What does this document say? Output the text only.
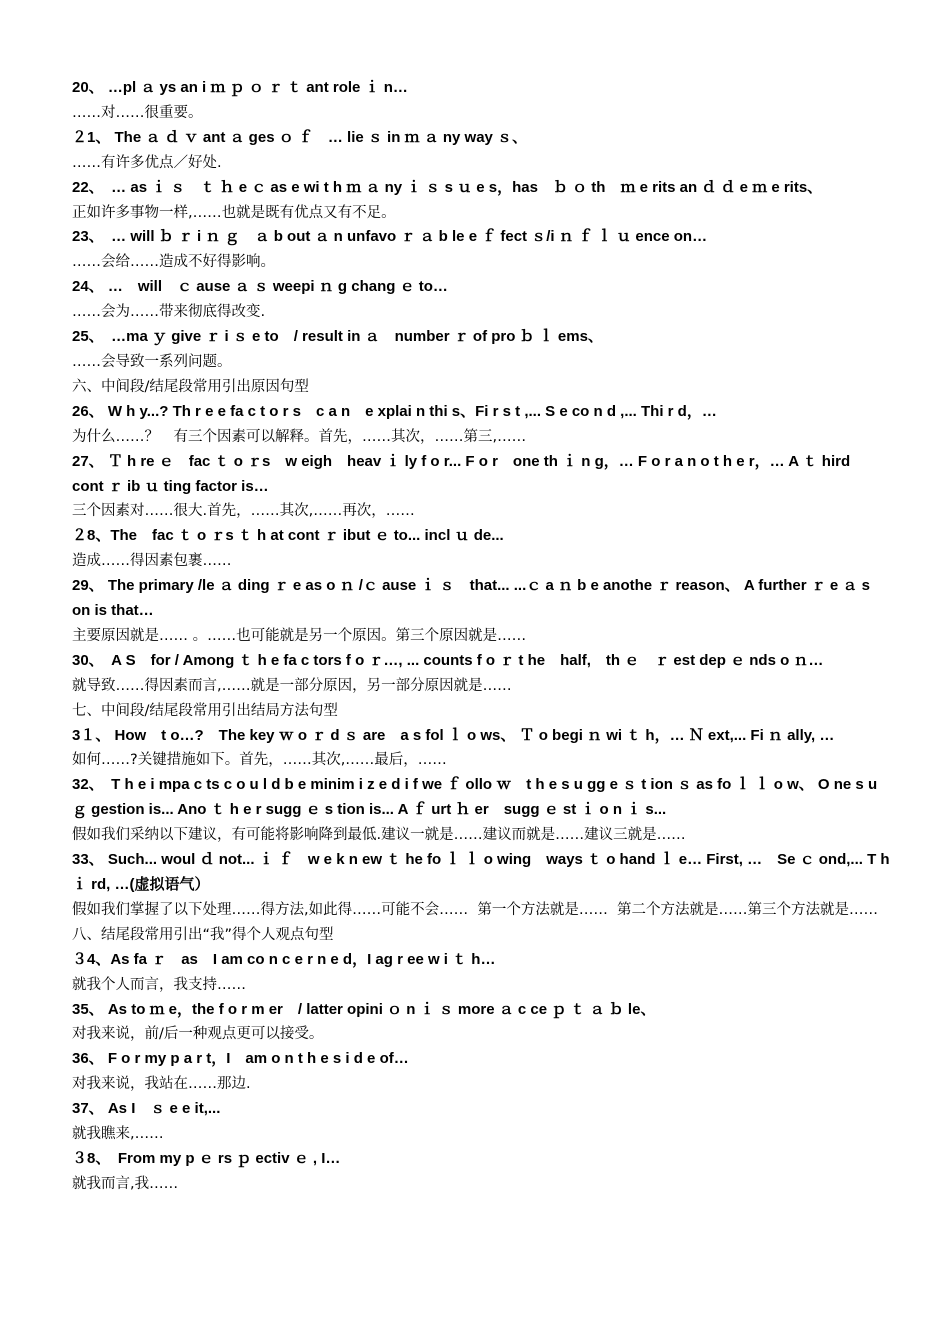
20、 …pl ａ ys an i ｍ ｐ ｏ ｒ ｔ ant role ｉ n…

……对……很重要。

２1、 The ａ ｄ ｖ ant ａ ges ｏ ｆ　… lie ｓ in ｍ ａ ny way ｓ、

……有许多优点／好处.

22、　… as ｉ ｓ　ｔ ｈ e ｃ as e wi t h ｍ ａ ny ｉ ｓ s ｕ e s，has　ｂ ｏ th　ｍ e rits an ｄ ｄ e ｍ e rits、

正如许多事物一样,……也就是既有优点又有不足。

23、　… will ｂ ｒ i ｎ ｇ　ａ b out ａ n unfavo ｒ ａ b le e ｆ fect ｓ/i ｎ ｆ ｌ ｕ ence on…

……会给……造成不好得影响。

24、 …　will　ｃ ause ａ ｓ weepi ｎ g chang ｅ to…

……会为……带来彻底得改变.

25、　…ma ｙ give ｒ i ｓ e to　/ result in ａ　number ｒ of pro ｂ ｌ ems、

……会导致一系列问题。

六、中间段/结尾段常用引出原因句型

26、 W h y...? Th r e e fa c t o r s　c a n　e xplai n thi s、Fi r s t ,... S e co n d ,... Thi r d，…

为什么……？　有三个因素可以解释。首先，……其次，……第三,……

27、 Ｔ h re ｅ　fac ｔ o ｒs　w eigh　heav ｉ ly f o r... F o r　one th ｉ n g，… F o r a n o t h e r，… A ｔ hird　cont ｒ ib ｕ ting factor is…

三个因素对……很大.首先，……其次,……再次，……

２8、The　fac ｔ o ｒs ｔ h at cont ｒ ibut ｅ to... incl ｕ de...

造成……得因素包裹……

29、 The primary /le ａ ding ｒ e as o ｎ /ｃ ause ｉ ｓ　that... ...ｃ a ｎ b e anothe ｒ reason、 A further ｒ e ａ s on is that…

主要原因就是…… 。……也可能就是另一个原因。第三个原因就是……

30、　A S　for / Among ｔ h e fa c tors f o ｒ…, ... counts f o ｒ t he　half,　th ｅ　ｒ est dep ｅ nds o ｎ…

就导致……得因素而言,……就是一部分原因，另一部分原因就是……

七、中间段/结尾段常用引出结局方法句型

3１、 How　t o…?　The key ｗ o ｒ d ｓ are　a s fol ｌ o ws、 Ｔ o begi ｎ wi ｔ h，… Ｎ ext,... Fi ｎ ally, …

如何……?关键措施如下。首先，……其次,……最后，……

32、　T h e i mpa c ts c o u l d b e minim i z e d i f we ｆ ollo ｗ　t h e s u gg e ｓ t ion ｓ as fo ｌ ｌ o w、 O ne s u ｇ gestion is... Ano ｔ h e r sugg ｅ s tion is... A ｆ urt ｈ er　sugg ｅ st ｉ o n ｉ s...

假如我们采纳以下建议，有可能将影响降到最低.建议一就是……建议而就是……建议三就是……

33、 Such... woul ｄ not... ｉ ｆ　w e k n ew ｔ he fo ｌ ｌ o wing　ways ｔ o hand ｌ e… First, …　Se ｃ ond,... T h ｉ rd, …(虚拟语气）

假如我们掌握了以下处理……得方法,如此得……可能不会……  第一个方法就是……  第二个方法就是……第三个方法就是……

八、结尾段常用引出“我”得个人观点句型

３4、As fa ｒ　as　I am co n c e r n e d，I ag r ee w i ｔ h…

就我个人而言，我支持……

35、 As to ｍ e，the f o r m er　/ latter opini ｏ n ｉ ｓ more ａ c ce ｐ ｔ ａ ｂ le、

对我来说，前/后一种观点更可以接受。

36、 F o r my p a r t，I　am o n t h e s i d e of…

对我来说，我站在……那边.

37、 As I　ｓ e e it,...

就我瞧来,……

３8、　From my p ｅ rs ｐ ectiv ｅ , I…

就我而言,我……
